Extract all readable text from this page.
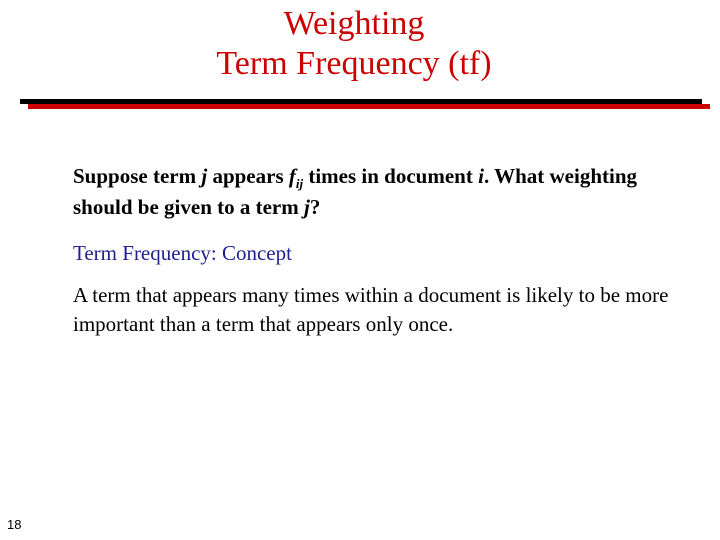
Weighting
Term Frequency (tf)

Suppose term j appears $f_{ij}$ times in document i. What weighting should be given to a term j?

Term Frequency: Concept

A term that appears many times within a document is likely to be more important than a term that appears only once.

18
